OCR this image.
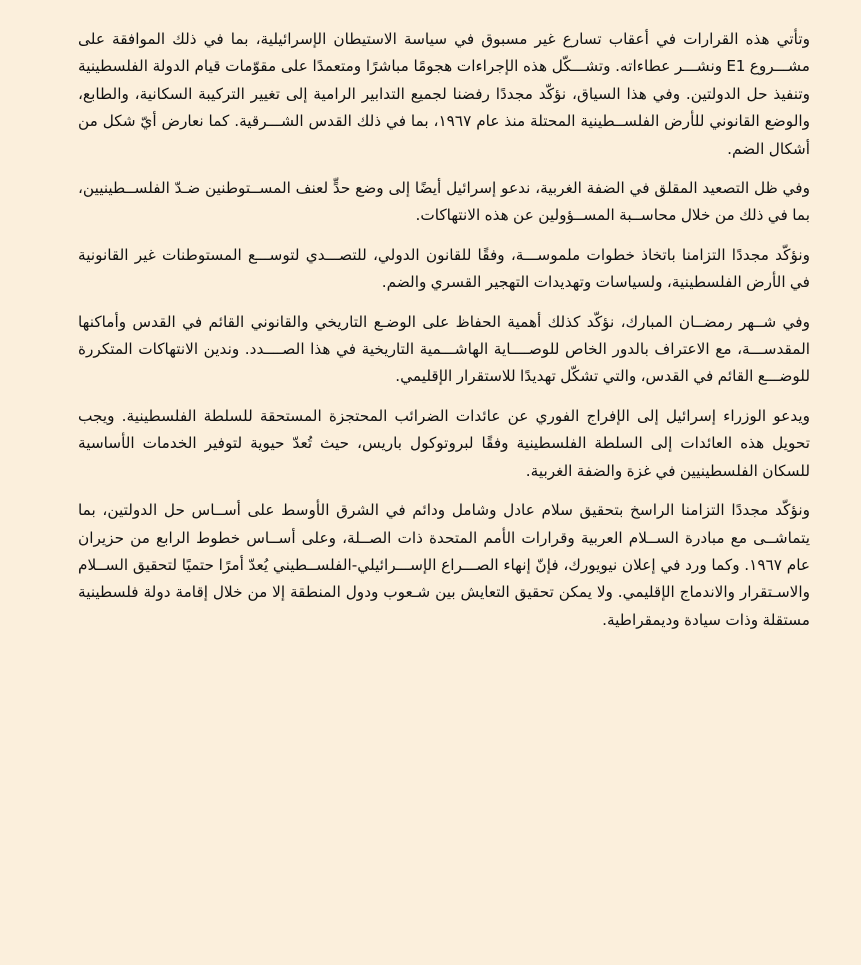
وتأتي هذه القرارات في أعقاب تسارع غير مسبوق في سياسة الاستيطان الإسرائيلية، بما في ذلك الموافقة على مشـــروع E1 ونشـــر عطاءاته. وتشـــكّل هذه الإجراءات هجومًا مباشرًا ومتعمدًا على مقوّمات قيام الدولة الفلسطينية وتنفيذ حل الدولتين. وفي هذا السياق، نؤكّد مجددًا رفضنا لجميع التدابير الرامية إلى تغيير التركيبة السكانية، والطابع، والوضع القانوني للأرض الفلســطينية المحتلة منذ عام ١٩٦٧، بما في ذلك القدس الشـــرقية. كما نعارض أيّ شكل من أشكال الضم.

وفي ظل التصعيد المقلق في الضفة الغربية، ندعو إسرائيل أيضًا إلى وضع حدٍّ لعنف المســتوطنين ضـدّ الفلســطينيين، بما في ذلك من خلال محاســبة المســؤولين عن هذه الانتهاكات.

ونؤكّد مجددًا التزامنا باتخاذ خطوات ملموســـة، وفقًا للقانون الدولي، للتصـــدي لتوســـع المستوطنات غير القانونية في الأرض الفلسطينية، ولسياسات وتهديدات التهجير القسري والضم.

وفي شــهر رمضــان المبارك، نؤكّد كذلك أهمية الحفاظ على الوضـع التاريخي والقانوني القائم في القدس وأماكنها المقدســـة، مع الاعتراف بالدور الخاص للوصــــاية الهاشـــمية التاريخية في هذا الصــــدد. وندين الانتهاكات المتكررة للوضـــع القائم في القدس، والتي تشكّل تهديدًا للاستقرار الإقليمي.

ويدعو الوزراء إسرائيل إلى الإفراج الفوري عن عائدات الضرائب المحتجزة المستحقة للسلطة الفلسطينية. ويجب تحويل هذه العائدات إلى السلطة الفلسطينية وفقًا لبروتوكول باريس، حيث تُعدّ حيوية لتوفير الخدمات الأساسية للسكان الفلسطينيين في غزة والضفة الغربية.

ونؤكّد مجددًا التزامنا الراسخ بتحقيق سلام عادل وشامل ودائم في الشرق الأوسط على أســاس حل الدولتين، بما يتماشــى مع مبادرة الســلام العربية وقرارات الأمم المتحدة ذات الصــلة، وعلى أســاس خطوط الرابع من حزيران عام ١٩٦٧. وكما ورد في إعلان نيويورك، فإنّ إنهاء الصـــراع الإســـرائيلي-الفلســطيني يُعدّ أمرًا حتميًا لتحقيق الســلام والاسـتقرار والاندماج الإقليمي. ولا يمكن تحقيق التعايش بين شـعوب ودول المنطقة إلا من خلال إقامة دولة فلسطينية مستقلة وذات سيادة وديمقراطية.
